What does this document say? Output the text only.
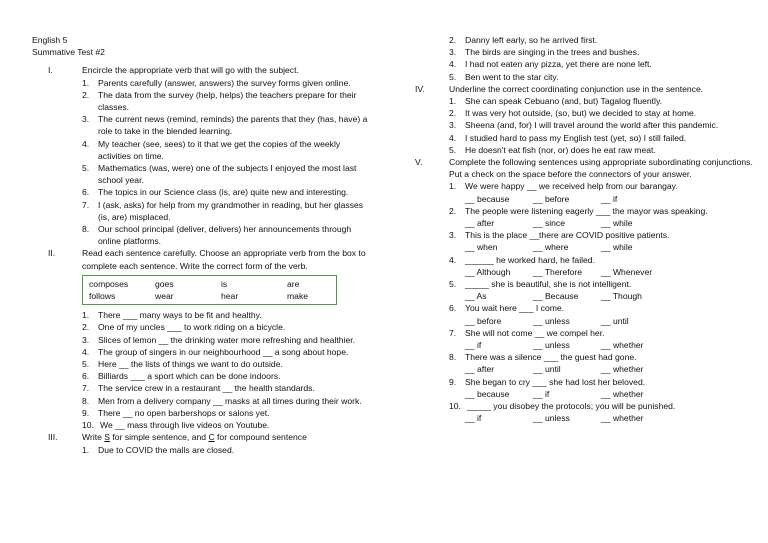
English 5
Summative Test #2
I.	Encircle the appropriate verb that will go with the subject.
1.	Parents carefully (answer, answers) the survey forms given online.
2.	The data from the survey (help, helps) the teachers prepare for their classes.
3.	The current news (remind, reminds) the parents that they (has, have) a role to take in the blended learning.
4.	My teacher (see, sees) to it that we get the copies of the weekly activities on time.
5.	Mathematics (was, were) one of the subjects I enjoyed the most last school year.
6.	The topics in our Science class (is, are) quite new and interesting.
7.	I (ask, asks) for help from my grandmother in reading, but her glasses (is, are) misplaced.
8.	Our school principal (deliver, delivers) her announcements through online platforms.
II.	Read each sentence carefully. Choose an appropriate verb from the box to complete each sentence. Write the correct form of the verb.
composes	goes	is	are
follows	wear	hear	make
1.	There ___ many ways to be fit and healthy.
2.	One of my uncles ___ to work riding on a bicycle.
3.	Slices of lemon __ the drinking water more refreshing and healthier.
4.	The group of singers in our neighbourhood __ a song about hope.
5.	Here __ the lists of things we want to do outside.
6.	Billiards ___ a sport which can be done indoors.
7.	The service crew in a restaurant __ the health standards.
8.	Men from a delivery company __ masks at all times during their work.
9.	There __ no open barbershops or salons yet.
10. We __ mass through live videos on Youtube.
III.	Write S for simple sentence, and C for compound sentence
1.	Due to COVID the malls are closed.
2.	Danny left early, so he arrived first.
3.	The birds are singing in the trees and bushes.
4.	I had not eaten any pizza, yet there are none left.
5.	Ben went to the star city.
IV.	Underline the correct coordinating conjunction use in the sentence.
1.	She can speak Cebuano (and, but) Tagalog fluently.
2.	It was very hot outside, (so, but) we decided to stay at home.
3.	Sheena (and, for) I will travel around the world after this pandemic.
4.	I studied hard to pass my English test (yet, so) I still failed.
5.	He doesn't eat fish (nor, or) does he eat raw meat.
V.	Complete the following sentences using appropriate subordinating conjunctions. Put a check on the space before the connectors of your answer.
1.	We were happy __ we received help from our barangay.
__ because	__ before	__ if
2.	The people were listening eagerly ___ the mayor was speaking.
__ after	__ since	__ while
3.	This is the place __there are COVID positive patients.
__ when	__ where	__ while
4.	______ he worked hard, he failed.
__ Although	__ Therefore	__ Whenever
5.	_____ she is beautiful, she is not intelligent.
__ As	__ Because	__ Though
6.	You wait here ___ I come.
__ before	__ unless	__ until
7.	She will not come __ we compel her.
__ if	__ unless	__ whether
8.	There was a silence ___ the guest had gone.
__ after	__ until	__ whether
9.	She began to cry ___ she had lost her beloved.
__ because	__ if	__ whether
10. _____ you disobey the protocols; you will be punished.
__ if	__ unless	__ whether
